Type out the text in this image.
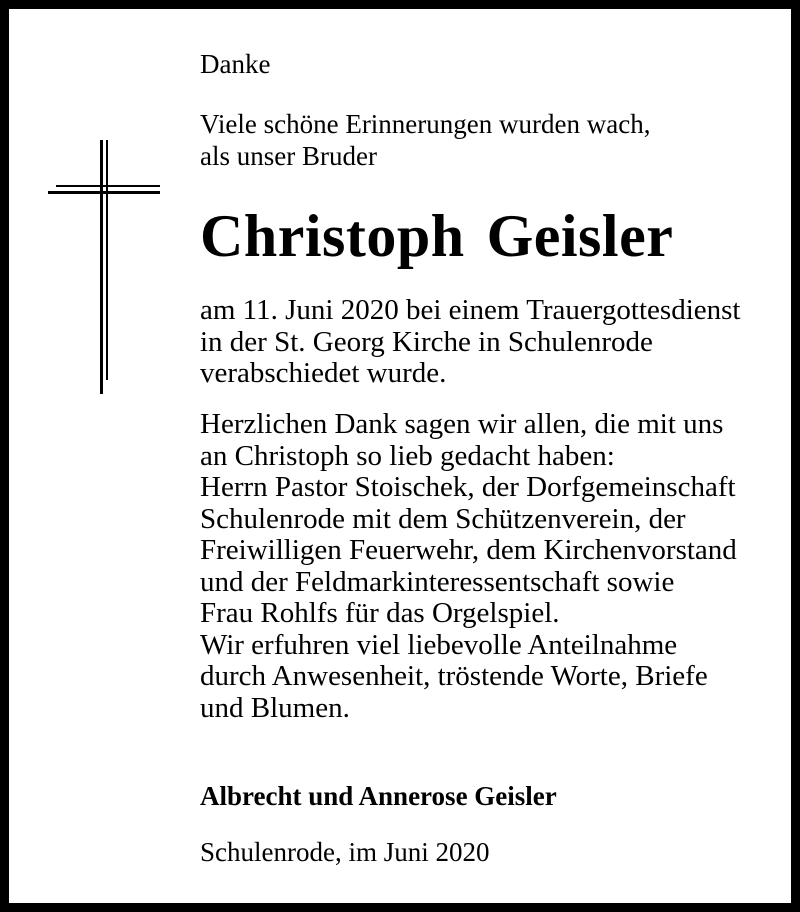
Danke
Viele schöne Erinnerungen wurden wach,
als unser Bruder
Christoph Geisler
am 11. Juni 2020 bei einem Trauergottesdienst
in der St. Georg Kirche in Schulenrode
verabschiedet wurde.
Herzlichen Dank sagen wir allen, die mit uns
an Christoph so lieb gedacht haben:
Herrn Pastor Stoischek, der Dorfgemeinschaft
Schulenrode mit dem Schützenverein, der
Freiwilligen Feuerwehr, dem Kirchenvorstand
und der Feldmarkinteressentschaft sowie
Frau Rohlfs für das Orgelspiel.
Wir erfuhren viel liebevolle Anteilnahme
durch Anwesenheit, tröstende Worte, Briefe
und Blumen.
Albrecht und Annerose Geisler
Schulenrode, im Juni 2020
